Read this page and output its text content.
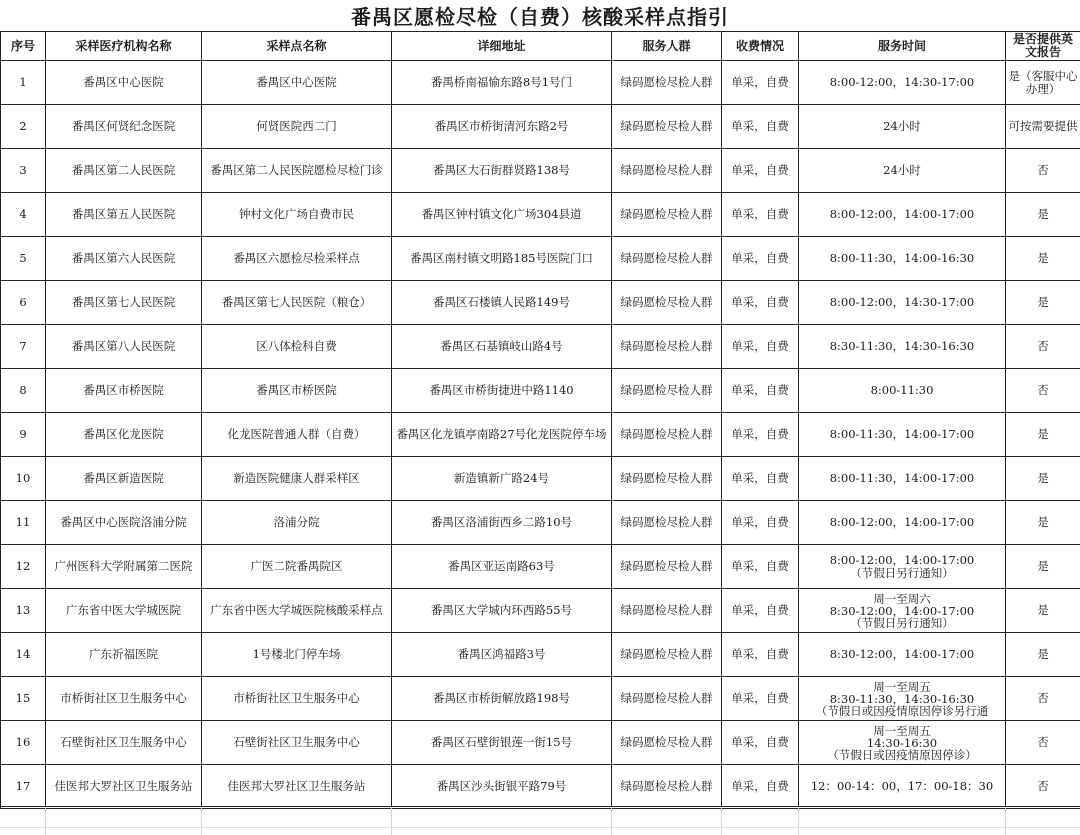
番禺区愿检尽检（自费）核酸采样点指引
序号	采样医疗机构名称	采样点名称	详细地址	服务人群	收费情况	服务时间	是否提供英文报告
1	番禺区中心医院	番禺区中心医院	番禺桥南福愉东路8号1号门	绿码愿检尽检人群	单采，自费	8:00-12:00，14:30-17:00	是（客服中心办理）
2	番禺区何贤纪念医院	何贤医院西二门	番禺区市桥街清河东路2号	绿码愿检尽检人群	单采，自费	24小时	可按需要提供
3	番禺区第二人民医院	番禺区第二人民医院愿检尽检门诊	番禺区大石街群贤路138号	绿码愿检尽检人群	单采，自费	24小时	否
4	番禺区第五人民医院	钟村文化广场自费市民	番禺区钟村镇文化广场304县道	绿码愿检尽检人群	单采，自费	8:00-12:00，14:00-17:00	是
5	番禺区第六人民医院	番禺区六愿检尽检采样点	番禺区南村镇文明路185号医院门口	绿码愿检尽检人群	单采，自费	8:00-11:30，14:00-16:30	是
6	番禺区第七人民医院	番禺区第七人民医院（粮仓）	番禺区石楼镇人民路149号	绿码愿检尽检人群	单采，自费	8:00-12:00，14:30-17:00	是
7	番禺区第八人民医院	区八体检科自费	番禺区石基镇岐山路4号	绿码愿检尽检人群	单采，自费	8:30-11:30，14:30-16:30	否
8	番禺区市桥医院	番禺区市桥医院	番禺区市桥街捷进中路1140	绿码愿检尽检人群	单采，自费	8:00-11:30	否
9	番禺区化龙医院	化龙医院普通人群（自费）	番禺区化龙镇亭南路27号化龙医院停车场	绿码愿检尽检人群	单采，自费	8:00-11:30，14:00-17:00	是
10	番禺区新造医院	新造医院健康人群采样区	新造镇新广路24号	绿码愿检尽检人群	单采，自费	8:00-11:30，14:00-17:00	是
11	番禺区中心医院洛浦分院	洛浦分院	番禺区洛浦街西乡二路10号	绿码愿检尽检人群	单采，自费	8:00-12:00，14:00-17:00	是
12	广州医科大学附属第二医院	广医二院番禺院区	番禺区亚运南路63号	绿码愿检尽检人群	单采，自费	8:00-12:00，14:00-17:00
（节假日另行通知）	是
13	广东省中医大学城医院	广东省中医大学城医院核酸采样点	番禺区大学城内环西路55号	绿码愿检尽检人群	单采，自费	周一至周六
8:30-12:00，14:00-17:00
（节假日另行通知）	是
14	广东祈福医院	1号楼北门停车场	番禺区鸿福路3号	绿码愿检尽检人群	单采，自费	8:30-12:00，14:00-17:00	是
15	市桥街社区卫生服务中心	市桥街社区卫生服务中心	番禺区市桥街解放路198号	绿码愿检尽检人群	单采，自费	周一至周五
8:30-11:30，14:30-16:30
（节假日或因疫情原因停诊另行通	否
16	石壁街社区卫生服务中心	石壁街社区卫生服务中心	番禺区石壁街银莲一街15号	绿码愿检尽检人群	单采，自费	周一至周五
14:30-16:30
（节假日或因疫情原因停诊）	否
17	佳医邦大罗社区卫生服务站	佳医邦大罗社区卫生服务站	番禺区沙头街银平路79号	绿码愿检尽检人群	单采，自费	12：00-14：00，17：00-18：30	否
